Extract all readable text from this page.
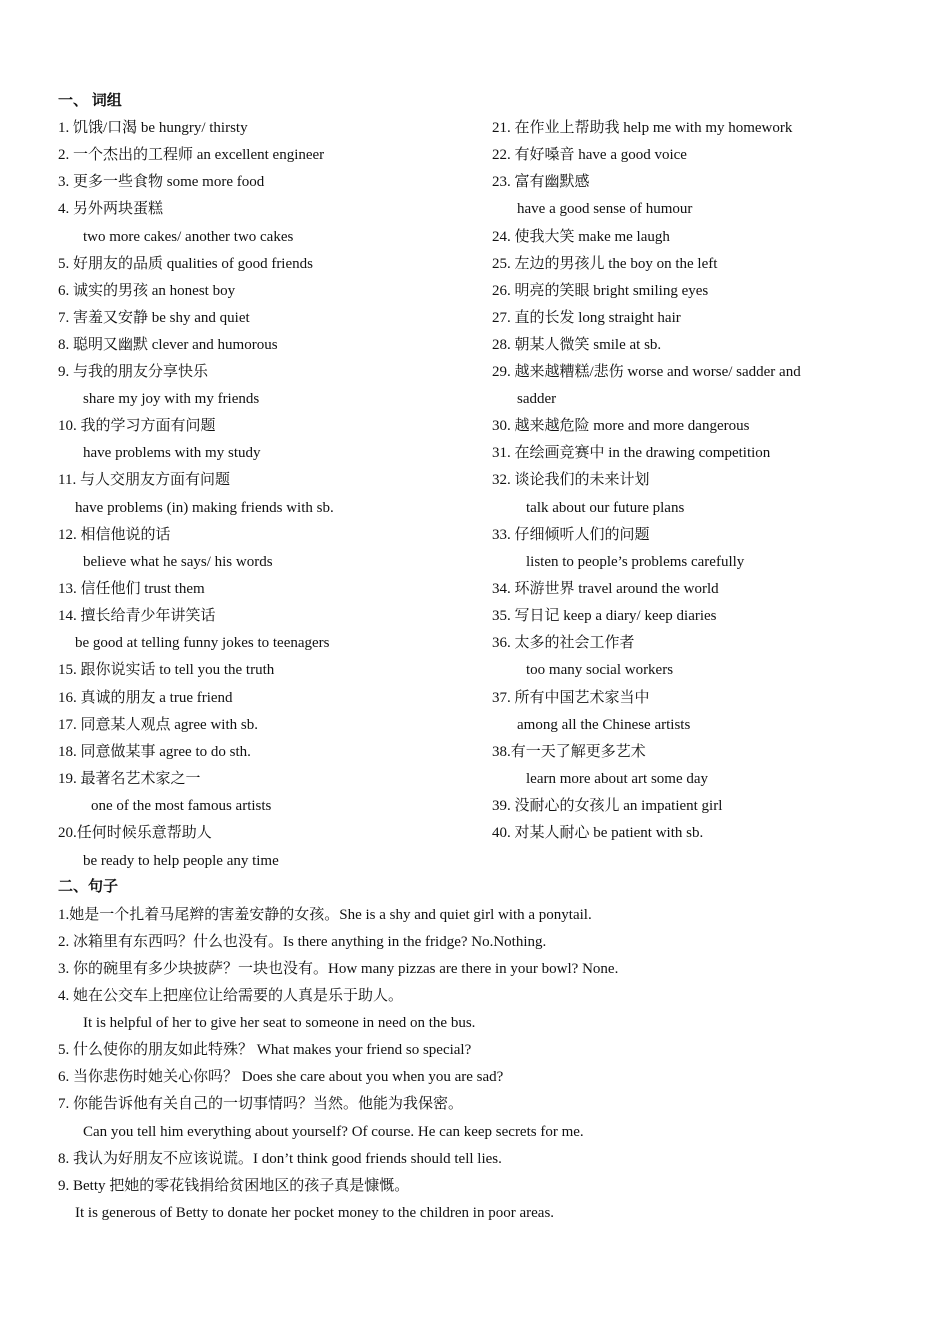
一、 词组
1. 饥饿/口渴 be hungry/ thirsty
2. 一个杰出的工程师 an excellent engineer
3. 更多一些食物 some more food
4. 另外两块蛋糕
two more cakes/ another two cakes
5. 好朋友的品质 qualities of good friends
6. 诚实的男孩 an honest boy
7. 害羞又安静 be shy and quiet
8. 聪明又幽默 clever and humorous
9. 与我的朋友分享快乐
share my joy with my friends
10. 我的学习方面有问题
have problems with my study
11. 与人交朋友方面有问题
have problems (in) making friends with sb.
12. 相信他说的话
believe what he says/ his words
13. 信任他们 trust them
14. 擅长给青少年讲笑话
be good at telling funny jokes to teenagers
15. 跟你说实话 to tell you the truth
16. 真诚的朋友 a true friend
17. 同意某人观点 agree with sb.
18. 同意做某事 agree to do sth.
19. 最著名艺术家之一
one of the most famous artists
20.任何时候乐意帮助人
be ready to help people any time
21. 在作业上帮助我 help me with my homework
22. 有好嗓音 have a good voice
23. 富有幽默感
have a good sense of humour
24. 使我大笑 make me laugh
25. 左边的男孩儿 the boy on the left
26. 明亮的笑眼 bright smiling eyes
27. 直的长发 long straight hair
28. 朝某人微笑 smile at sb.
29. 越来越糟糕/悲伤 worse and worse/ sadder and
sadder
30. 越来越危险 more and more dangerous
31. 在绘画竞赛中 in the drawing competition
32. 谈论我们的未来计划
talk about our future plans
33. 仔细倾听人们的问题
listen to people’s problems carefully
34. 环游世界 travel around the world
35. 写日记 keep a diary/ keep diaries
36. 太多的社会工作者
too many social workers
37. 所有中国艺术家当中
among all the Chinese artists
38.有一天了解更多艺术
learn more about art some day
39. 没耐心的女孩儿 an impatient girl
40. 对某人耐心 be patient with sb.
二、句子
1.她是一个扎着马尾辫的害羞安静的女孩。She is a shy and quiet girl with a ponytail.
2. 冰箱里有东西吗？什么也没有。Is there anything in the fridge? No.Nothing.
3. 你的碗里有多少块披萨？一块也没有。How many pizzas are there in your bowl? None.
4. 她在公交车上把座位让给需要的人真是乐于助人。
It is helpful of her to give her seat to someone in need on the bus.
5. 什么使你的朋友如此特殊？ What makes your friend so special?
6. 当你悲伤时她关心你吗？ Does she care about you when you are sad?
7. 你能告诉他有关自己的一切事情吗？当然。他能为我保密。
Can you tell him everything about yourself? Of course. He can keep secrets for me.
8. 我认为好朋友不应该说谎。I don’t think good friends should tell lies.
9. Betty 把她的零花钱捐给贫困地区的孩子真是慷慨。
It is generous of Betty to donate her pocket money to the children in poor areas.
